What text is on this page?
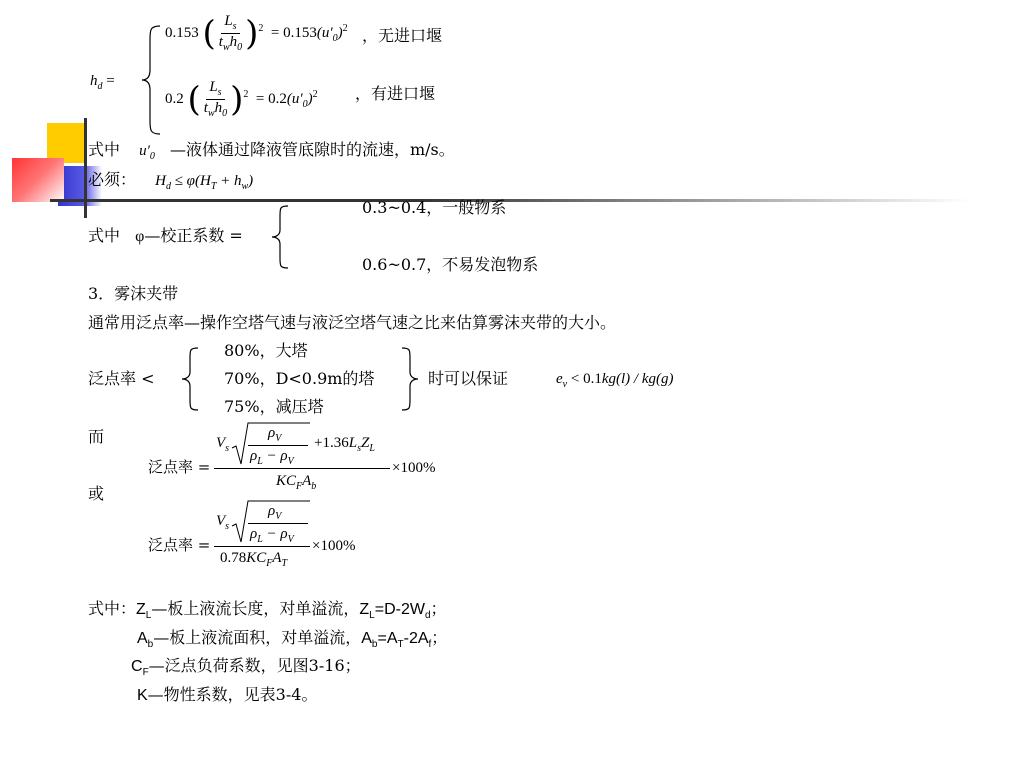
$h_d$ =
0.153 ( $\frac{L_s}{t_wh_0} )^2 = 0.153(u'_0)^2$ ，无进口堰
0.2 ( $\frac{L_s}{t_wh_0} )^2 = 0.2(u'_0)^2$ ，有进口堰
式中 $u'_0$ —液体通过降液管底隙时的流速，m/s。
必须： $H_d \le \varphi(H_T + h_w)$
式中 φ—校正系数 =
0.3~0.4，一般物系
0.6~0.7，不易发泡物系
3．雾沫夹带
通常用泛点率—操作空塔气速与液泛空塔气速之比来估算雾沫夹带的大小。
泛点率 <
80%，大塔
70%，D<0.9m的塔
75%，减压塔
时可以保证	$e_v < 0.1kg(l) / kg(g)$
而
泛点率 =
$V_s$
$\rho_V$
$\rho_L - \rho_V$
$+1.36L_sZ_L$
$KC_FA_b$
×100%
或
泛点率 =
$V_s$
$\rho_V$
$\rho_L - \rho_V$
$0.78KC_FA_T$
×100%
式中：$Z_L—$板上液流长度，对单溢流，$Z_L=D-2W_d$；
$A_b—$板上液流面积，对单溢流，$A_b=A_T-2A_f$；
$C_F—$泛点负荷系数，见图3-16；
K—物性系数，见表3-4。
